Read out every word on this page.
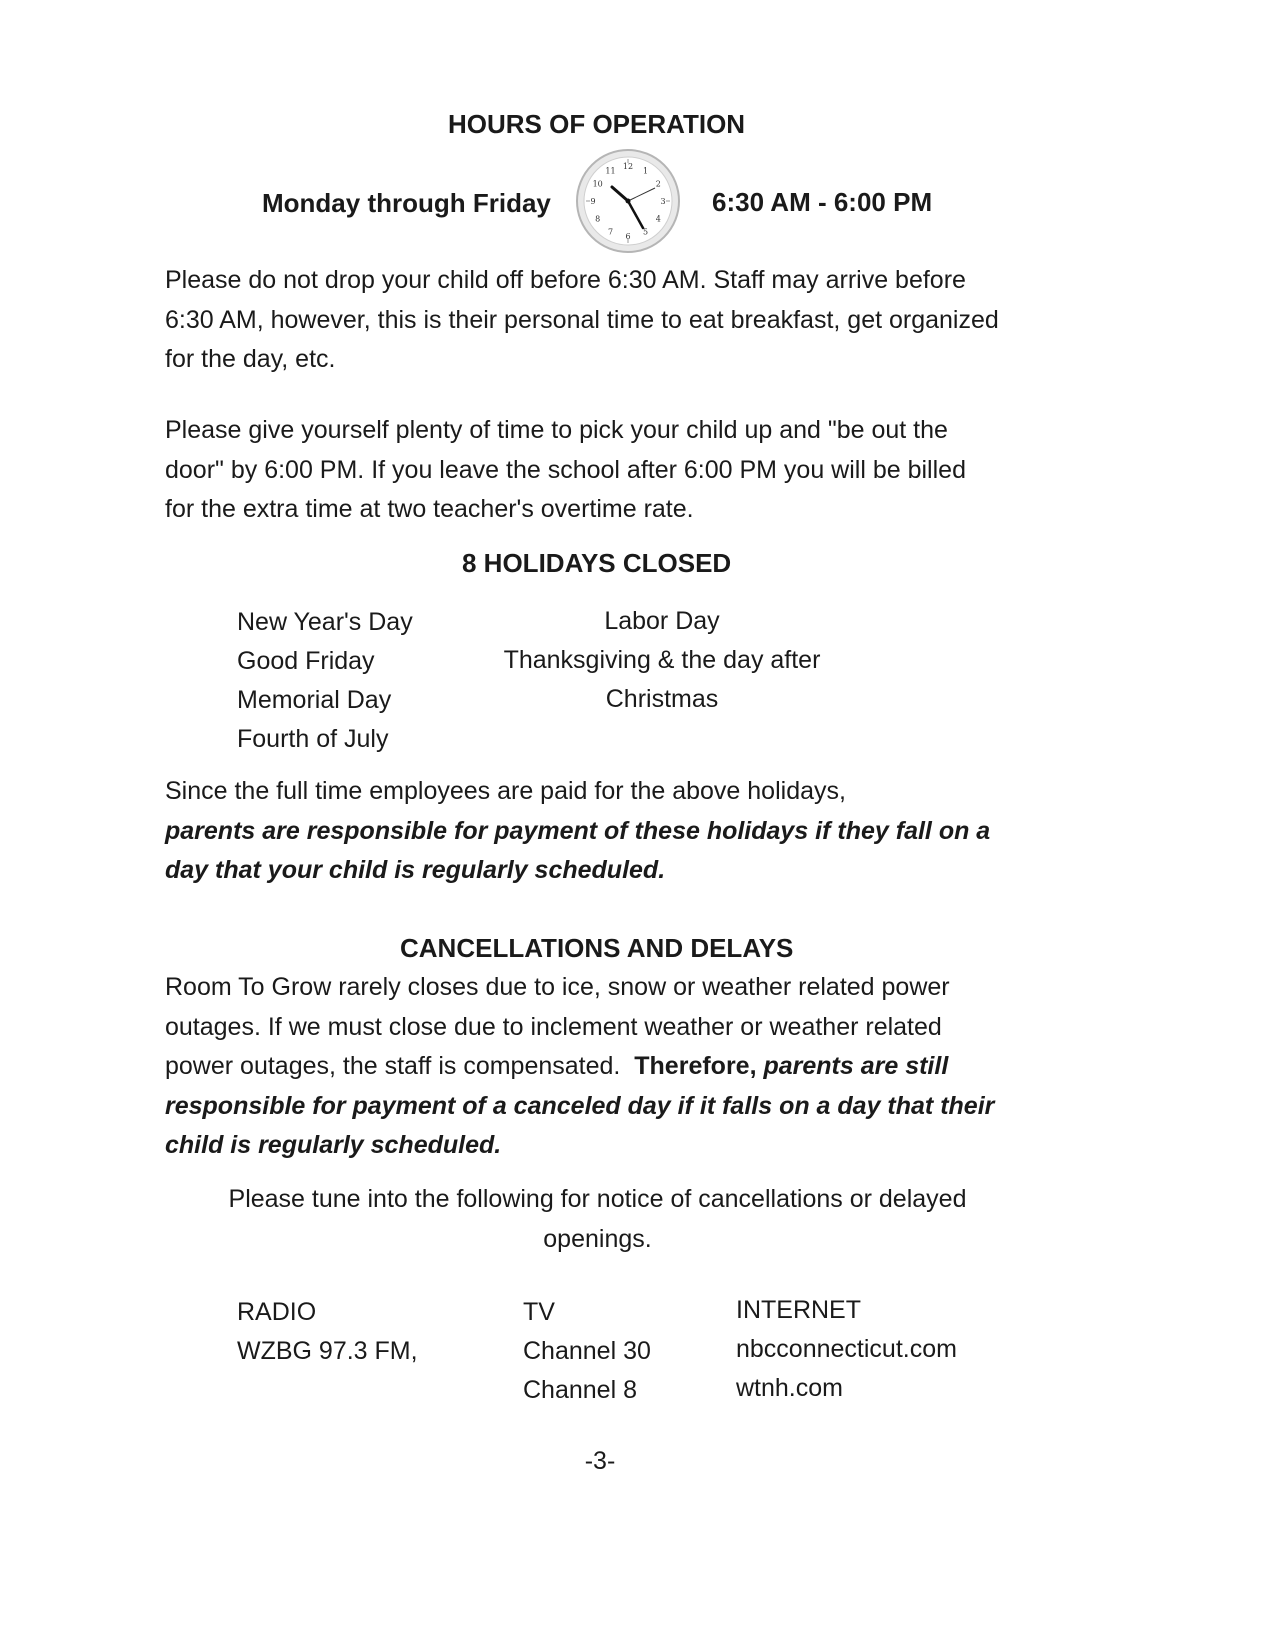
HOURS OF OPERATION
Monday through Friday
12
1
2
3
4
5
6
7
8
9
10
11
6:30 AM - 6:00 PM
Please do not drop your child off before 6:30 AM. Staff may arrive before
6:30 AM, however, this is their personal time to eat breakfast, get organized
for the day, etc.
Please give yourself plenty of time to pick your child up and "be out the
door" by 6:00 PM. If you leave the school after 6:00 PM you will be billed
for the extra time at two teacher's overtime rate.
8 HOLIDAYS CLOSED
New Year's Day
Good Friday
Memorial Day
Fourth of July
Labor Day
Thanksgiving & the day after
Christmas
Since the full time employees are paid for the above holidays,
parents are responsible for payment of these holidays if they fall on a
day that your child is regularly scheduled.
CANCELLATIONS AND DELAYS
Room To Grow rarely closes due to ice, snow or weather related power
outages. If we must close due to inclement weather or weather related
power outages, the staff is compensated.  Therefore, parents are still
responsible for payment of a canceled day if it falls on a day that their
child is regularly scheduled.
Please tune into the following for notice of cancellations or delayed
openings.
RADIO
WZBG 97.3 FM,
TV
Channel 30
Channel 8
INTERNET
nbcconnecticut.com
wtnh.com
-3-
